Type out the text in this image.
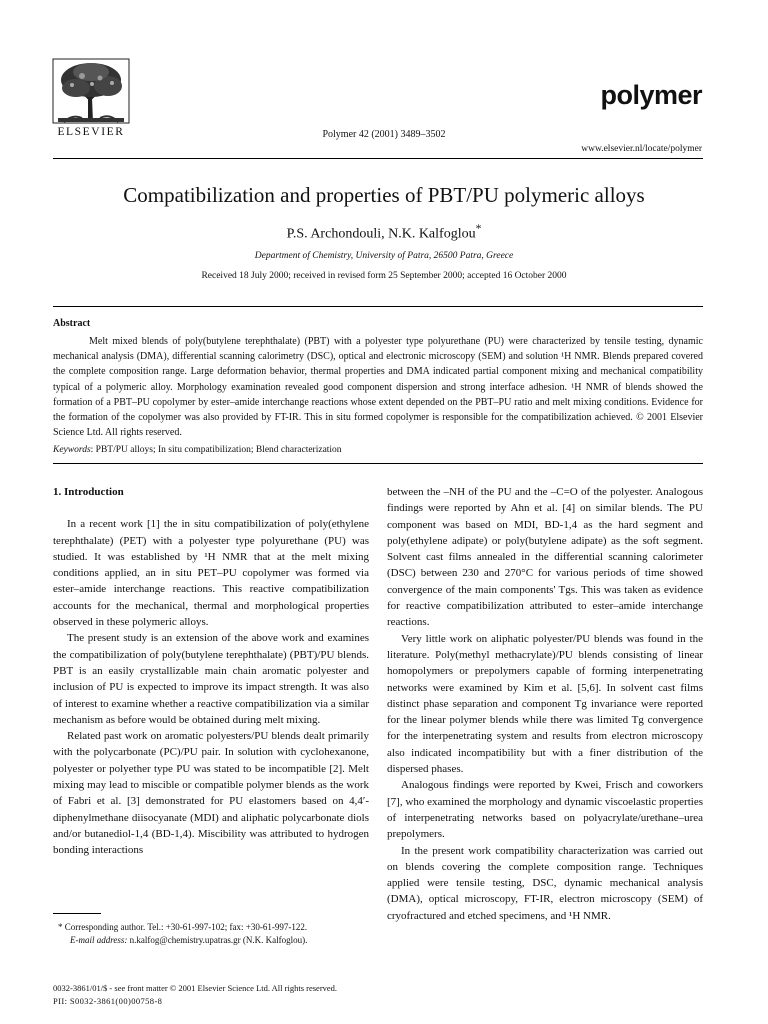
ELSEVIER	Polymer 42 (2001) 3489–3502
polymer
www.elsevier.nl/locate/polymer
Compatibilization and properties of PBT/PU polymeric alloys
P.S. Archondouli, N.K. Kalfoglou*
Department of Chemistry, University of Patra, 26500 Patra, Greece
Received 18 July 2000; received in revised form 25 September 2000; accepted 16 October 2000
Abstract

Melt mixed blends of poly(butylene terephthalate) (PBT) with a polyester type polyurethane (PU) were characterized by tensile testing, dynamic mechanical analysis (DMA), differential scanning calorimetry (DSC), optical and electronic microscopy (SEM) and solution ¹H NMR. Blends prepared covered the complete composition range. Large deformation behavior, thermal properties and DMA indicated partial component mixing and mechanical compatibility typical of a polymeric alloy. Morphology examination revealed good component dispersion and strong interface adhesion. ¹H NMR of blends showed the formation of a PBT–PU copolymer by ester–amide interchange reactions whose extent depended on the PBT–PU ratio and melt mixing conditions. Evidence for the formation of the copolymer was also provided by FT-IR. This in situ formed copolymer is responsible for the compatibilization achieved. © 2001 Elsevier Science Ltd. All rights reserved.

Keywords: PBT/PU alloys; In situ compatibilization; Blend characterization
1. Introduction

In a recent work [1] the in situ compatibilization of poly(ethylene terephthalate) (PET) with a polyester type polyurethane (PU) was studied. It was established by ¹H NMR that at the melt mixing conditions applied, an in situ PET–PU copolymer was formed via ester–amide interchange reactions. This reactive compatibilization accounts for the mechanical, thermal and morphological properties observed in these polymeric alloys.

The present study is an extension of the above work and examines the compatibilization of poly(butylene terephthalate) (PBT)/PU blends. PBT is an easily crystallizable main chain aromatic polyester and inclusion of PU is expected to improve its impact strength. It was also of interest to examine whether a reactive compatibilization via a similar mechanism as before would be obtained during melt mixing.

Related past work on aromatic polyesters/PU blends dealt primarily with the polycarbonate (PC)/PU pair. In solution with cyclohexanone, polyester or polyether type PU was stated to be incompatible [2]. Melt mixing may lead to miscible or compatible polymer blends as the work of Fabri et al. [3] demonstrated for PU elastomers based on 4,4′-diphenylmethane diisocyanate (MDI) and aliphatic polycarbonate diols and/or butanediol-1,4 (BD-1,4). Miscibility was attributed to hydrogen bonding interactions

between the –NH of the PU and the –C=O of the polyester. Analogous findings were reported by Ahn et al. [4] on similar blends. The PU component was based on MDI, BD-1,4 as the hard segment and poly(ethylene adipate) or poly(butylene adipate) as the soft segment. Solvent cast films annealed in the differential scanning calorimeter (DSC) between 230 and 270°C for various periods of time showed convergence of the main components' Tgs. This was taken as evidence for reactive compatibilization attributed to ester–amide interchange reactions.

Very little work on aliphatic polyester/PU blends was found in the literature. Poly(methyl methacrylate)/PU blends consisting of linear homopolymers or prepolymers capable of forming interpenetrating networks were examined by Kim et al. [5,6]. In solvent cast films distinct phase separation and component Tg invariance were reported for the linear polymer blends while there was limited Tg convergence for the interpenetrating system and results from electron microscopy also indicated incompatibility but with a finer distribution of the dispersed phases.

Analogous findings were reported by Kwei, Frisch and coworkers [7], who examined the morphology and dynamic viscoelastic properties of interpenetrating networks based on polyacrylate/urethane–urea prepolymers.

In the present work compatibility characterization was carried out on blends covering the complete composition range. Techniques applied were tensile testing, DSC, dynamic mechanical analysis (DMA), optical microscopy, FT-IR, electron microscopy (SEM) of cryofractured and etched specimens, and ¹H NMR.

* Corresponding author. Tel.: +30-61-997-102; fax: +30-61-997-122.
E-mail address: n.kalfog@chemistry.upatras.gr (N.K. Kalfoglou).
0032-3861/01/$ - see front matter © 2001 Elsevier Science Ltd. All rights reserved.
PII: S0032-3861(00)00758-8
